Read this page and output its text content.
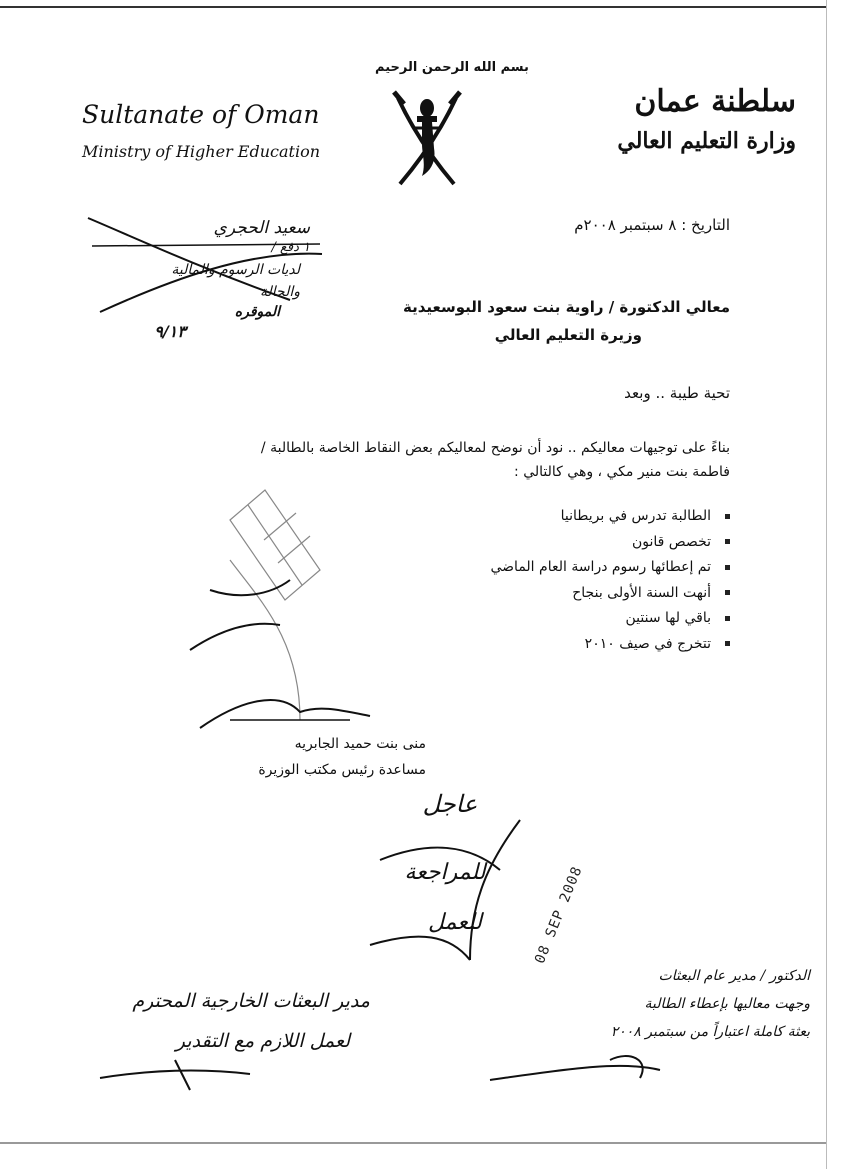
بسم الله الرحمن الرحيم
Sultanate of Oman
Ministry of Higher Education
سلطنة عمان
وزارة التعليم العالي
التاريخ : ٨ سبتمبر ٢٠٠٨م
معالي الدكتورة / راوية بنت سعود البوسعيدية
وزيرة التعليم العالي
تحية طيبة .. وبعد
بناءً على توجيهات معاليكم .. نود أن نوضح لمعاليكم بعض النقاط الخاصة بالطالبة /
فاطمة بنت منير مكي ، وهي كالتالي :
الطالبة تدرس في بريطانيا
تخصص قانون
تم إعطائها رسوم دراسة العام الماضي
أنهت السنة الأولى بنجاح
باقي لها سنتين
تتخرج في صيف ٢٠١٠
منى بنت حميد الجابريه
مساعدة رئيس مكتب الوزيرة
سعيد الحجري
١ دفع /
لديات الرسوم والمالية
والحالة
الموقره
٩/١٣
عاجل
للمراجعة
للعمل	08 SEP 2008
مدير البعثات الخارجية المحترم
لعمل اللازم مع التقدير
الدكتور / مدير عام البعثات
وجهت معاليها بإعطاء الطالبة
بعثة كاملة اعتباراً من سبتمبر ٢٠٠٨
